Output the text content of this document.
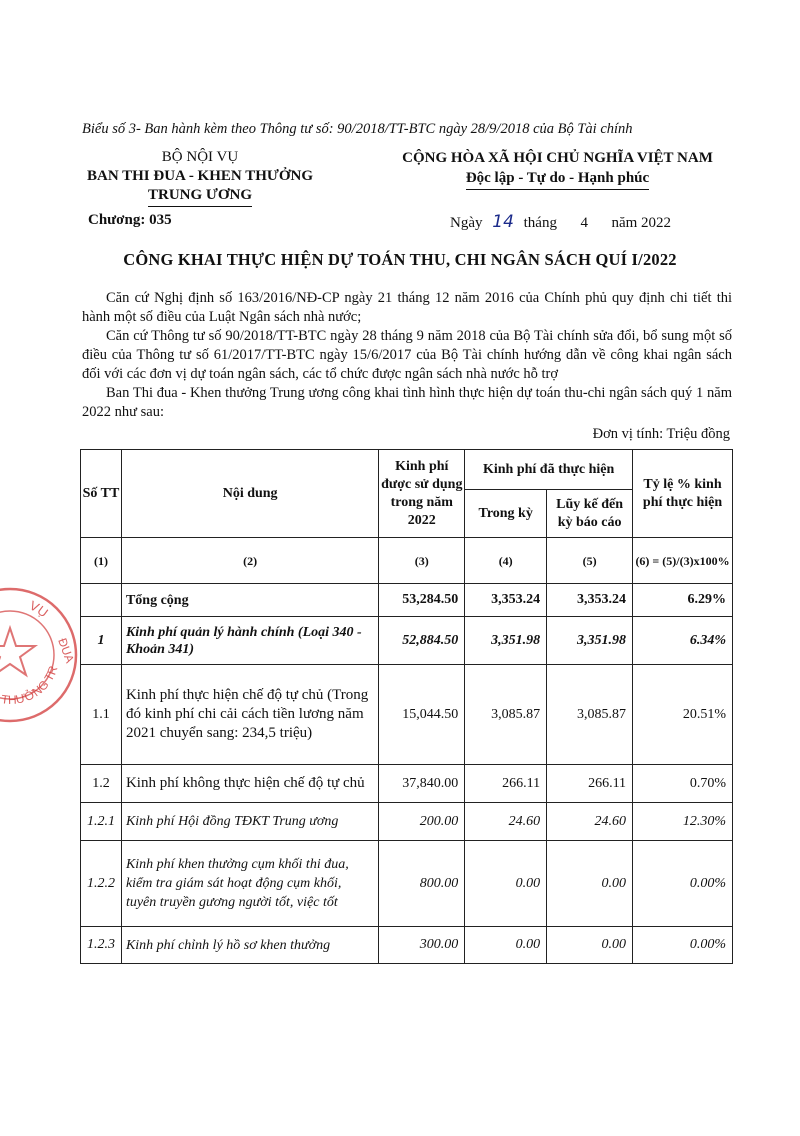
Biểu số 3- Ban hành kèm theo Thông tư số: 90/2018/TT-BTC ngày 28/9/2018 của Bộ Tài chính
BỘ NỘI VỤ
BAN THI ĐUA - KHEN THƯỞNG
TRUNG ƯƠNG
CỘNG HÒA XÃ HỘI CHỦ NGHĨA VIỆT NAM
Độc lập - Tự do - Hạnh phúc
Chương: 035	Ngày 14 tháng 4 năm 2022
CÔNG KHAI THỰC HIỆN DỰ TOÁN THU, CHI NGÂN SÁCH QUÍ I/2022

Căn cứ Nghị định số 163/2016/NĐ-CP ngày 21 tháng 12 năm 2016 của Chính phủ quy định chi tiết thi hành một số điều của Luật Ngân sách nhà nước;

Căn cứ Thông tư số 90/2018/TT-BTC ngày 28 tháng 9 năm 2018 của Bộ Tài chính sửa đổi, bổ sung một số điều của Thông tư số 61/2017/TT-BTC ngày 15/6/2017 của Bộ Tài chính hướng dẫn về công khai ngân sách đối với các đơn vị dự toán ngân sách, các tổ chức được ngân sách nhà nước hỗ trợ

Ban Thi đua - Khen thưởng Trung ương công khai tình hình thực hiện dự toán thu-chi ngân sách quý 1 năm 2022 như sau:

Đơn vị tính: Triệu đồng
Số TT	Nội dung	Kinh phí được sử dụng trong năm 2022	Kinh phí đã thực hiện		Tỷ lệ % kinh phí thực hiện
			Trong kỳ	Lũy kế đến kỳ báo cáo	
(1)	(2)	(3)	(4)	(5)	(6) = (5)/(3)x100%
	Tổng cộng	53,284.50	3,353.24	3,353.24	6.29%
1	Kinh phí quản lý hành chính (Loại 340 - Khoản 341)	52,884.50	3,351.98	3,351.98	6.34%
1.1	Kinh phí thực hiện chế độ tự chủ (Trong đó kinh phí chi cải cách tiền lương năm 2021 chuyển sang: 234,5 triệu)	15,044.50	3,085.87	3,085.87	20.51%
1.2	Kinh phí không thực hiện chế độ tự chủ	37,840.00	266.11	266.11	0.70%
1.2.1	Kinh phí Hội đồng TĐKT Trung ương	200.00	24.60	24.60	12.30%
1.2.2	Kinh phí khen thưởng cụm khối thi đua, kiểm tra giám sát hoạt động cụm khối, tuyên truyền gương người tốt, việc tốt	800.00	0.00	0.00	0.00%
1.2.3	Kinh phí chỉnh lý hồ sơ khen thưởng	300.00	0.00	0.00	0.00%
VỤ
ĐUA
THƯỞNG TR
